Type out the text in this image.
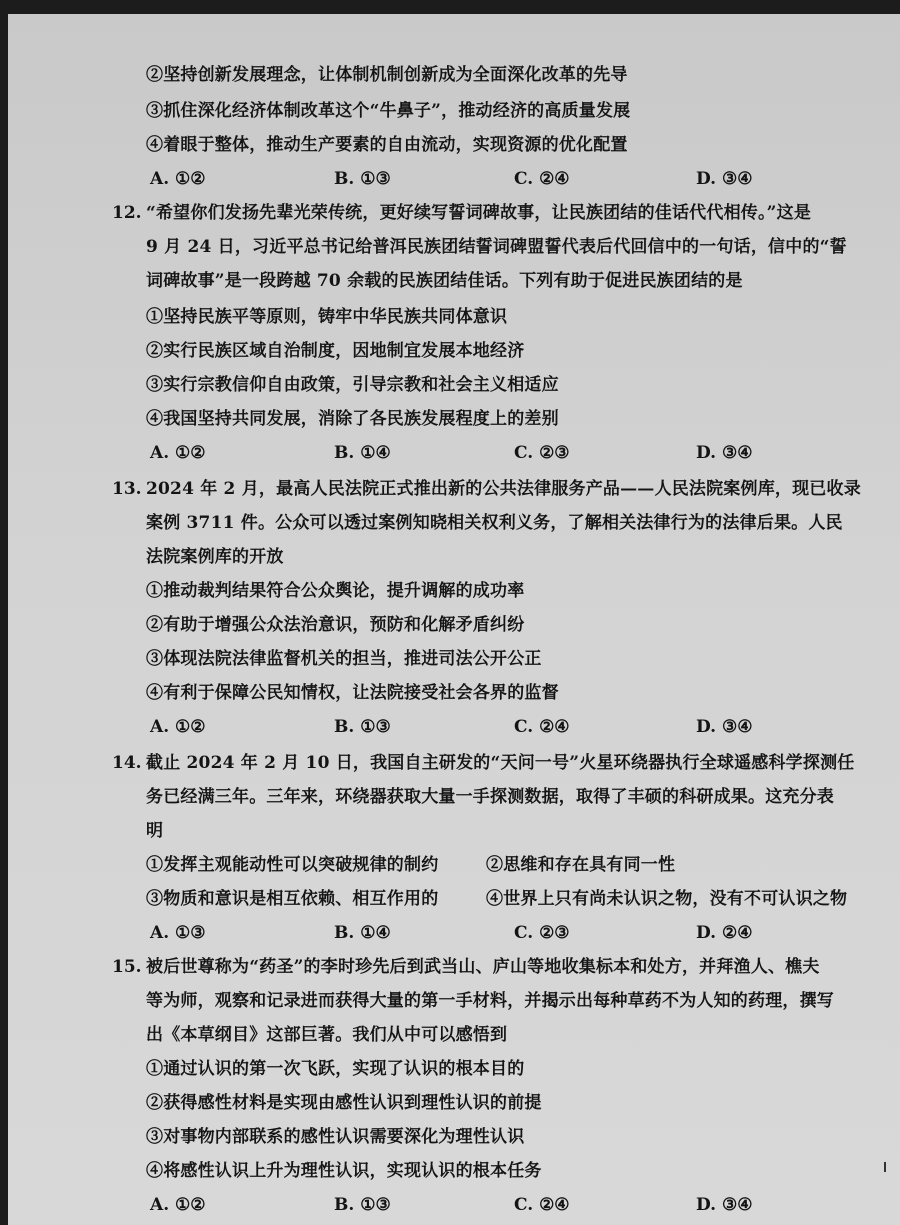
②坚持创新发展理念，让体制机制创新成为全面深化改革的先导
③抓住深化经济体制改革这个“牛鼻子”，推动经济的高质量发展
④着眼于整体，推动生产要素的自由流动，实现资源的优化配置
A. ①②	B. ①③	C. ②④	D. ③④
12. “希望你们发扬先辈光荣传统，更好续写誓词碑故事，让民族团结的佳话代代相传。”这是
9 月 24 日，习近平总书记给普洱民族团结誓词碑盟誓代表后代回信中的一句话，信中的“誓
词碑故事”是一段跨越 70 余载的民族团结佳话。下列有助于促进民族团结的是
①坚持民族平等原则，铸牢中华民族共同体意识
②实行民族区域自治制度，因地制宜发展本地经济
③实行宗教信仰自由政策，引导宗教和社会主义相适应
④我国坚持共同发展，消除了各民族发展程度上的差别
A. ①②	B. ①④	C. ②③	D. ③④
13. 2024 年 2 月，最高人民法院正式推出新的公共法律服务产品——人民法院案例库，现已收录
案例 3711 件。公众可以透过案例知晓相关权利义务，了解相关法律行为的法律后果。人民
法院案例库的开放
①推动裁判结果符合公众舆论，提升调解的成功率
②有助于增强公众法治意识，预防和化解矛盾纠纷
③体现法院法律监督机关的担当，推进司法公开公正
④有利于保障公民知情权，让法院接受社会各界的监督
A. ①②	B. ①③	C. ②④	D. ③④
14. 截止 2024 年 2 月 10 日，我国自主研发的“天问一号”火星环绕器执行全球遥感科学探测任
务已经满三年。三年来，环绕器获取大量一手探测数据，取得了丰硕的科研成果。这充分表
明
①发挥主观能动性可以突破规律的制约	②思维和存在具有同一性
③物质和意识是相互依赖、相互作用的	④世界上只有尚未认识之物，没有不可认识之物
A. ①③	B. ①④	C. ②③	D. ②④
15. 被后世尊称为“药圣”的李时珍先后到武当山、庐山等地收集标本和处方，并拜渔人、樵夫
等为师，观察和记录进而获得大量的第一手材料，并揭示出每种草药不为人知的药理，撰写
出《本草纲目》这部巨著。我们从中可以感悟到
①通过认识的第一次飞跃，实现了认识的根本目的
②获得感性材料是实现由感性认识到理性认识的前提
③对事物内部联系的感性认识需要深化为理性认识
④将感性认识上升为理性认识，实现认识的根本任务
A. ①②	B. ①③	C. ②④	D. ③④
